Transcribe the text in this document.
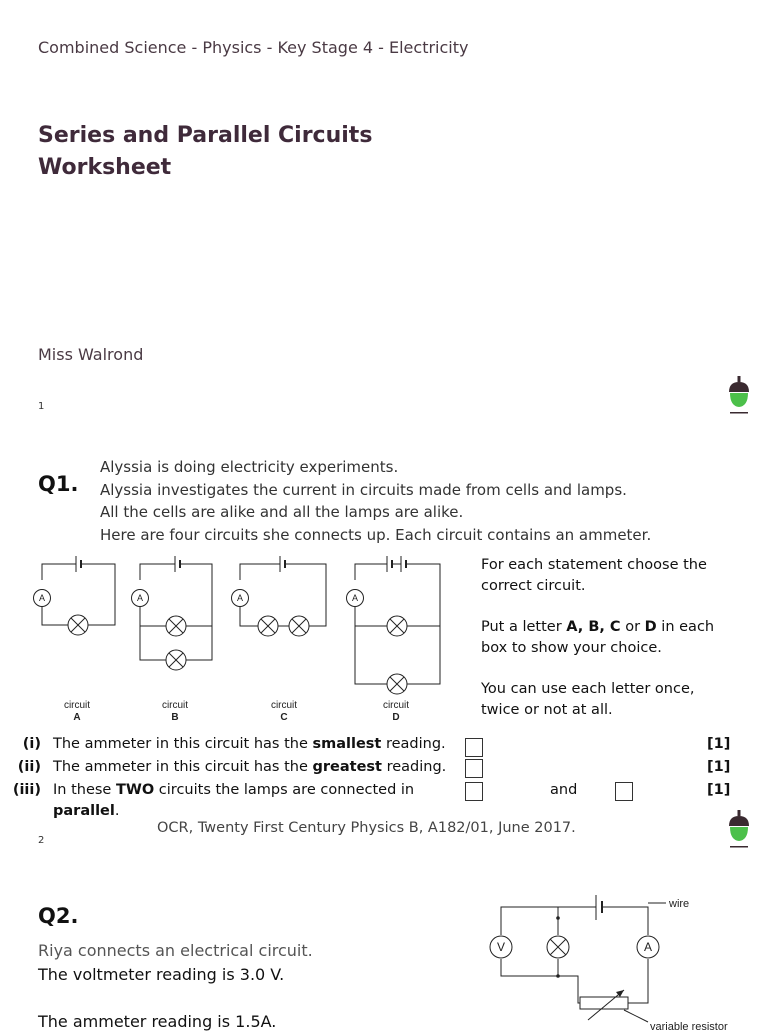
Combined Science - Physics - Key Stage 4 - Electricity
Series and Parallel Circuits
Worksheet
Miss Walrond
1
Q1.
Alyssia is doing electricity experiments.
Alyssia investigates the current in circuits made from cells and lamps.
All the cells are alike and all the lamps are alike.
Here are four circuits she connects up. Each circuit contains an ammeter.
A	A	A	A
circuit
A
circuit
B
circuit
C
circuit
D

For each statement choose the correct circuit.

Put a letter A, B, C or D in each box to show your choice.

You can use each letter once, twice or not at all.

(i) The ammeter in this circuit has the smallest reading.	[1]
(ii) The ammeter in this circuit has the greatest reading.	[1]
(iii) In these TWO circuits the lamps are connected in
parallel.
and	[1]
OCR, Twenty First Century Physics B, A182/01, June 2017.
2
Q2.
Riya connects an electrical circuit.
The voltmeter reading is 3.0 V.
The ammeter reading is 1.5A.
V	A
wire
variable resistor
